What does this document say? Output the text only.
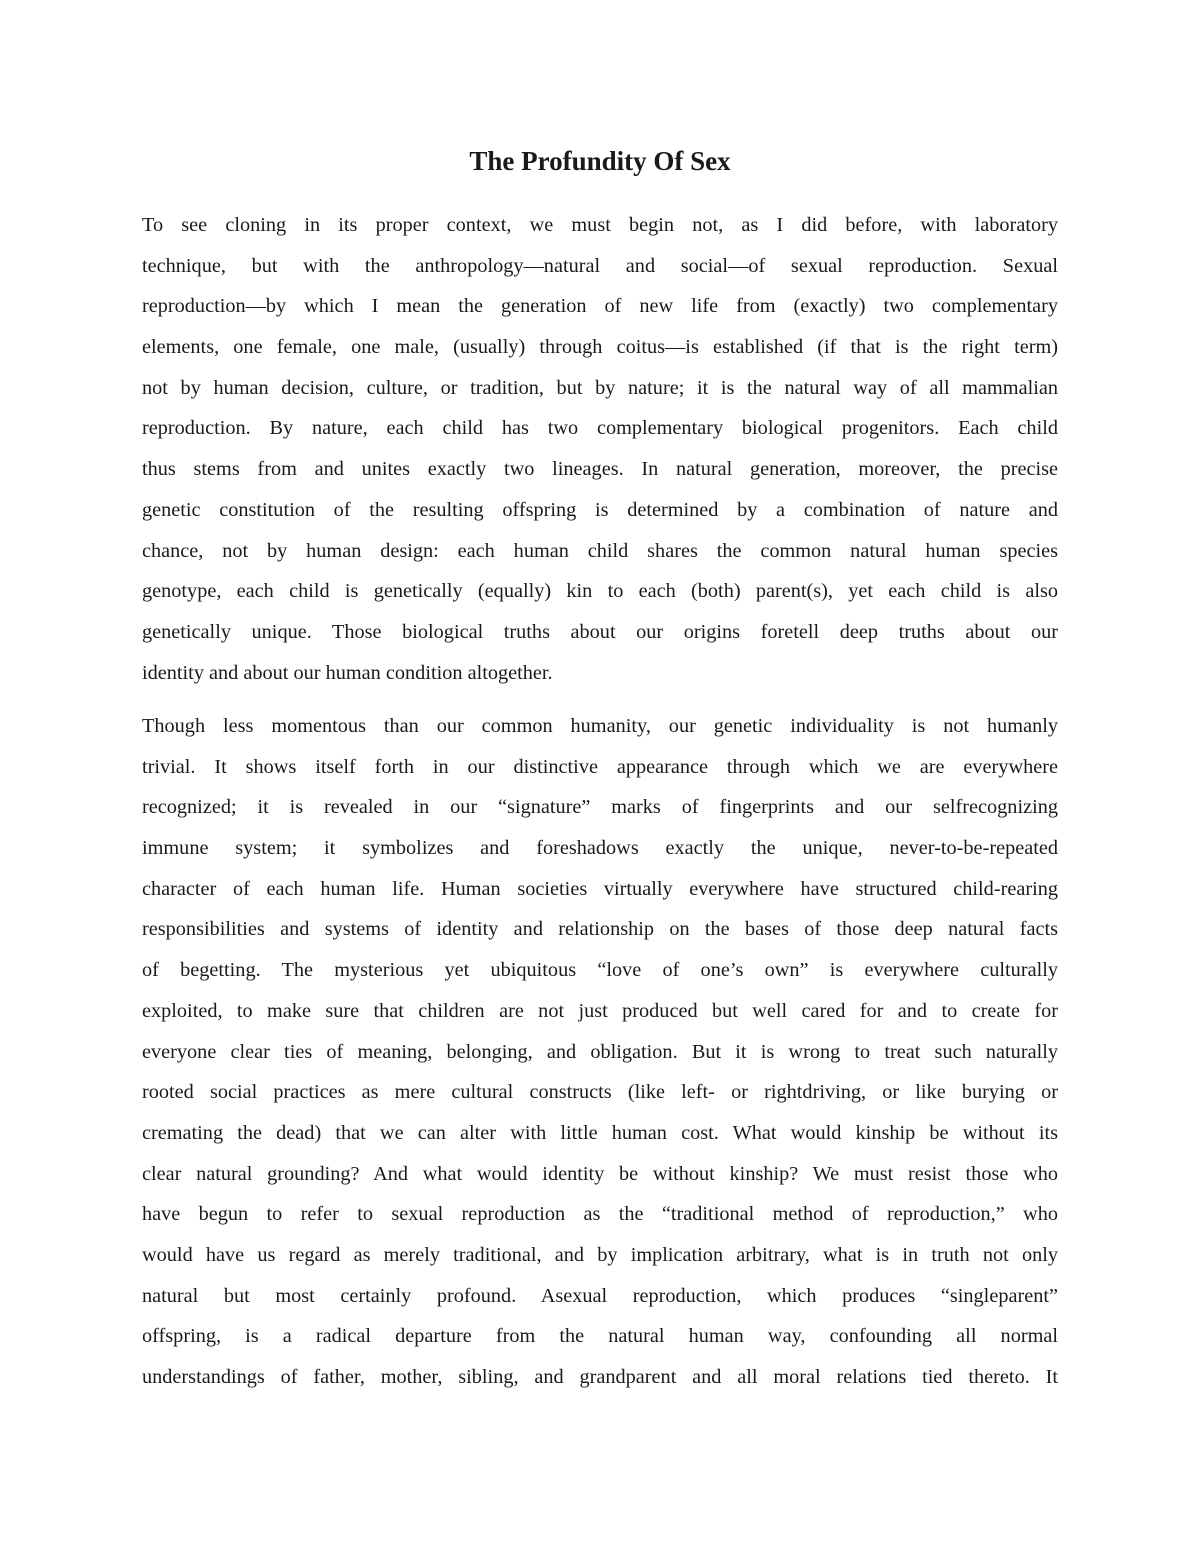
The Profundity Of Sex

To see cloning in its proper context, we must begin not, as I did before, with laboratory
technique, but with the anthropology—natural and social—of sexual reproduction. Sexual
reproduction—by which I mean the generation of new life from (exactly) two complementary
elements, one female, one male, (usually) through coitus—is established (if that is the right term)
not by human decision, culture, or tradition, but by nature; it is the natural way of all mammalian
reproduction. By nature, each child has two complementary biological progenitors. Each child
thus stems from and unites exactly two lineages. In natural generation, moreover, the precise
genetic constitution of the resulting offspring is determined by a combination of nature and
chance, not by human design: each human child shares the common natural human species
genotype, each child is genetically (equally) kin to each (both) parent(s), yet each child is also
genetically unique. Those biological truths about our origins foretell deep truths about our
identity and about our human condition altogether.

Though less momentous than our common humanity, our genetic individuality is not humanly
trivial. It shows itself forth in our distinctive appearance through which we are everywhere
recognized; it is revealed in our “signature” marks of fingerprints and our selfrecognizing
immune system; it symbolizes and foreshadows exactly the unique, never-to-be-repeated
character of each human life. Human societies virtually everywhere have structured child-rearing
responsibilities and systems of identity and relationship on the bases of those deep natural facts
of begetting. The mysterious yet ubiquitous “love of one’s own” is everywhere culturally
exploited, to make sure that children are not just produced but well cared for and to create for
everyone clear ties of meaning, belonging, and obligation. But it is wrong to treat such naturally
rooted social practices as mere cultural constructs (like left- or rightdriving, or like burying or
cremating the dead) that we can alter with little human cost. What would kinship be without its
clear natural grounding? And what would identity be without kinship? We must resist those who
have begun to refer to sexual reproduction as the “traditional method of reproduction,” who
would have us regard as merely traditional, and by implication arbitrary, what is in truth not only
natural but most certainly profound. Asexual reproduction, which produces “singleparent”
offspring, is a radical departure from the natural human way, confounding all normal
understandings of father, mother, sibling, and grandparent and all moral relations tied thereto. It
